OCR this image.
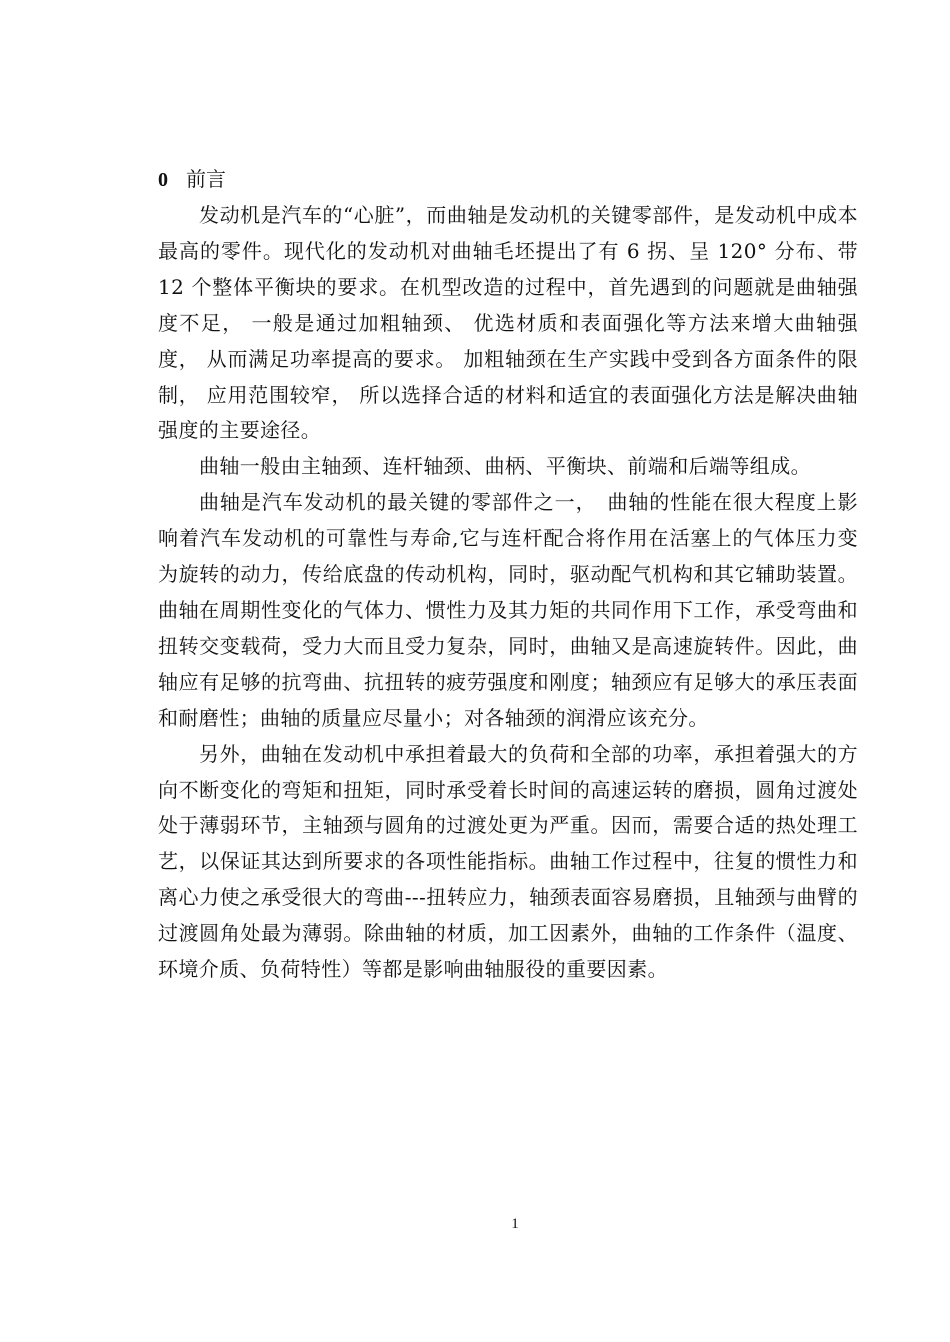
0 前言

发动机是汽车的“心脏”，而曲轴是发动机的关键零部件，是发动机中成本最高的零件。现代化的发动机对曲轴毛坯提出了有 6 拐、呈 120° 分布、带 12 个整体平衡块的要求。在机型改造的过程中，首先遇到的问题就是曲轴强度不足， 一般是通过加粗轴颈、 优选材质和表面强化等方法来增大曲轴强度， 从而满足功率提高的要求。 加粗轴颈在生产实践中受到各方面条件的限制， 应用范围较窄， 所以选择合适的材料和适宜的表面强化方法是解决曲轴强度的主要途径。

曲轴一般由主轴颈、连杆轴颈、曲柄、平衡块、前端和后端等组成。

曲轴是汽车发动机的最关键的零部件之一，　曲轴的性能在很大程度上影响着汽车发动机的可靠性与寿命,它与连杆配合将作用在活塞上的气体压力变为旋转的动力，传给底盘的传动机构，同时，驱动配气机构和其它辅助装置。曲轴在周期性变化的气体力、惯性力及其力矩的共同作用下工作，承受弯曲和扭转交变载荷，受力大而且受力复杂，同时，曲轴又是高速旋转件。因此，曲轴应有足够的抗弯曲、抗扭转的疲劳强度和刚度；轴颈应有足够大的承压表面和耐磨性；曲轴的质量应尽量小；对各轴颈的润滑应该充分。

另外，曲轴在发动机中承担着最大的负荷和全部的功率，承担着强大的方向不断变化的弯矩和扭矩，同时承受着长时间的高速运转的磨损，圆角过渡处处于薄弱环节，主轴颈与圆角的过渡处更为严重。因而，需要合适的热处理工艺，以保证其达到所要求的各项性能指标。曲轴工作过程中，往复的惯性力和离心力使之承受很大的弯曲---扭转应力，轴颈表面容易磨损，且轴颈与曲臂的过渡圆角处最为薄弱。除曲轴的材质，加工因素外，曲轴的工作条件（温度、环境介质、负荷特性）等都是影响曲轴服役的重要因素。

1
